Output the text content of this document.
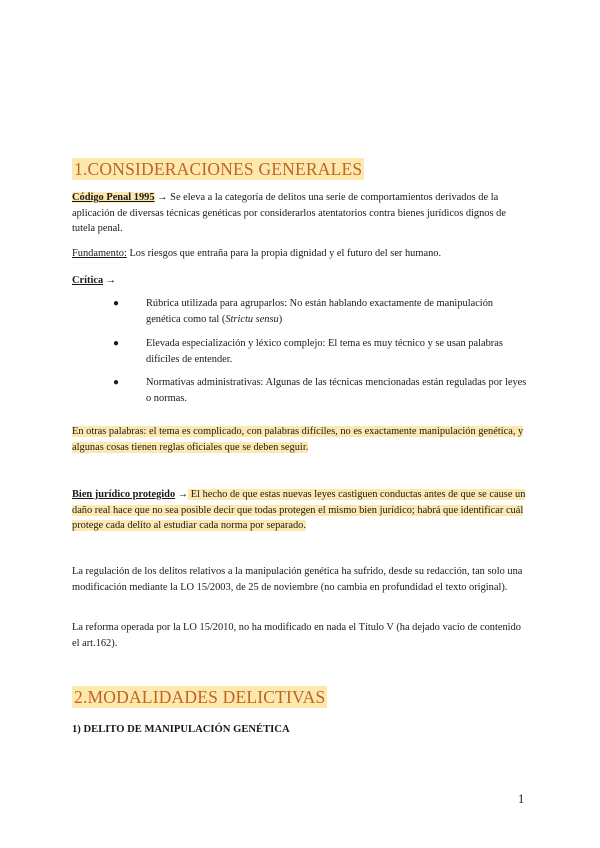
1.CONSIDERACIONES GENERALES
Código Penal 1995 → Se eleva a la categoría de delitos una serie de comportamientos derivados de la aplicación de diversas técnicas genéticas por considerarlos atentatorios contra bienes jurídicos dignos de tutela penal.
Fundamento: Los riesgos que entraña para la propia dignidad y el futuro del ser humano.
Crítica →
●	Rúbrica utilizada para agruparlos: No están hablando exactamente de manipulación genética como tal (Strictu sensu)
●	Elevada especialización y léxico complejo: El tema es muy técnico y se usan palabras difíciles de entender.
●	Normativas administrativas: Algunas de las técnicas mencionadas están reguladas por leyes o normas.
En otras palabras: el tema es complicado, con palabras difíciles, no es exactamente manipulación genética, y algunas cosas tienen reglas oficiales que se deben seguir.
Bien jurídico protegido → El hecho de que estas nuevas leyes castiguen conductas antes de que se cause un daño real hace que no sea posible decir que todas protegen el mismo bien jurídico; habrá que identificar cuál protege cada delito al estudiar cada norma por separado.
La regulación de los delitos relativos a la manipulación genética ha sufrido, desde su redacción, tan solo una modificación mediante la LO 15/2003, de 25 de noviembre (no cambia en profundidad el texto original).
La reforma operada por la LO 15/2010, no ha modificado en nada el Título V (ha dejado vacío de contenido el art.162).
2.MODALIDADES DELICTIVAS
1) DELITO DE MANIPULACIÓN GENÉTICA
1
